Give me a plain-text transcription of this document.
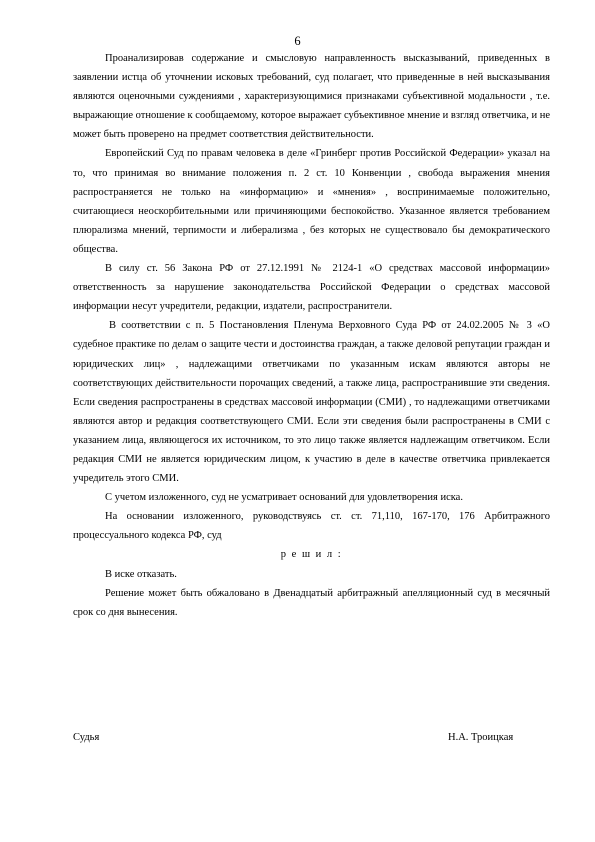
6

Проанализировав содержание и смысловую направленность высказываний, приведенных в заявлении истца об уточнении исковых требований, суд полагает, что приведенные в ней высказывания являются оценочными суждениями , характеризующимися признаками субъективной модальности , т.е. выражающие отношение к сообщаемому, которое выражает субъективное мнение и взгляд ответчика, и не может быть проверено на предмет соответствия действительности.

Европейский Суд по правам человека в деле «Гринберг против Российской Федерации» указал на то, что принимая во внимание положения п. 2 ст. 10 Конвенции , свобода выражения мнения распространяется не только на «информацию» и «мнения» , воспринимаемые положительно, считающиеся неоскорбительными или причиняющими беспокойство. Указанное является требованием плюрализма мнений, терпимости и либерализма , без которых не существовало бы демократического общества.

В силу ст. 56 Закона РФ от 27.12.1991 № 2124-1 «О средствах массовой информации» ответственность за нарушение законодательства Российской Федерации о средствах массовой информации несут учредители, редакции, издатели, распространители.

В соответствии с п. 5 Постановления Пленума Верховного Суда РФ от 24.02.2005 № 3 «О судебное практике по делам о защите чести и достоинства граждан, а также деловой репутации граждан и юридических лиц» , надлежащими ответчиками по указанным искам являются авторы не соответствующих действительности порочащих сведений, а также лица, распространившие эти сведения. Если сведения распространены в средствах массовой информации (СМИ) , то надлежащими ответчиками являются автор и редакция соответствующего СМИ. Если эти сведения были распространены в СМИ с указанием лица, являющегося их источником, то это лицо также является надлежащим ответчиком. Если редакция СМИ не является юридическим лицом, к участию в деле в качестве ответчика привлекается учредитель этого СМИ.

С учетом изложенного, суд не усматривает оснований для удовлетворения иска.

На основании изложенного, руководствуясь ст. ст. 71,110, 167-170, 176 Арбитражного процессуального кодекса РФ, суд

р е ш и л :

В иске отказать.

Решение может быть обжаловано в Двенадцатый арбитражный апелляционный суд в месячный срок со дня вынесения.

Судья	Н.А. Троицкая
